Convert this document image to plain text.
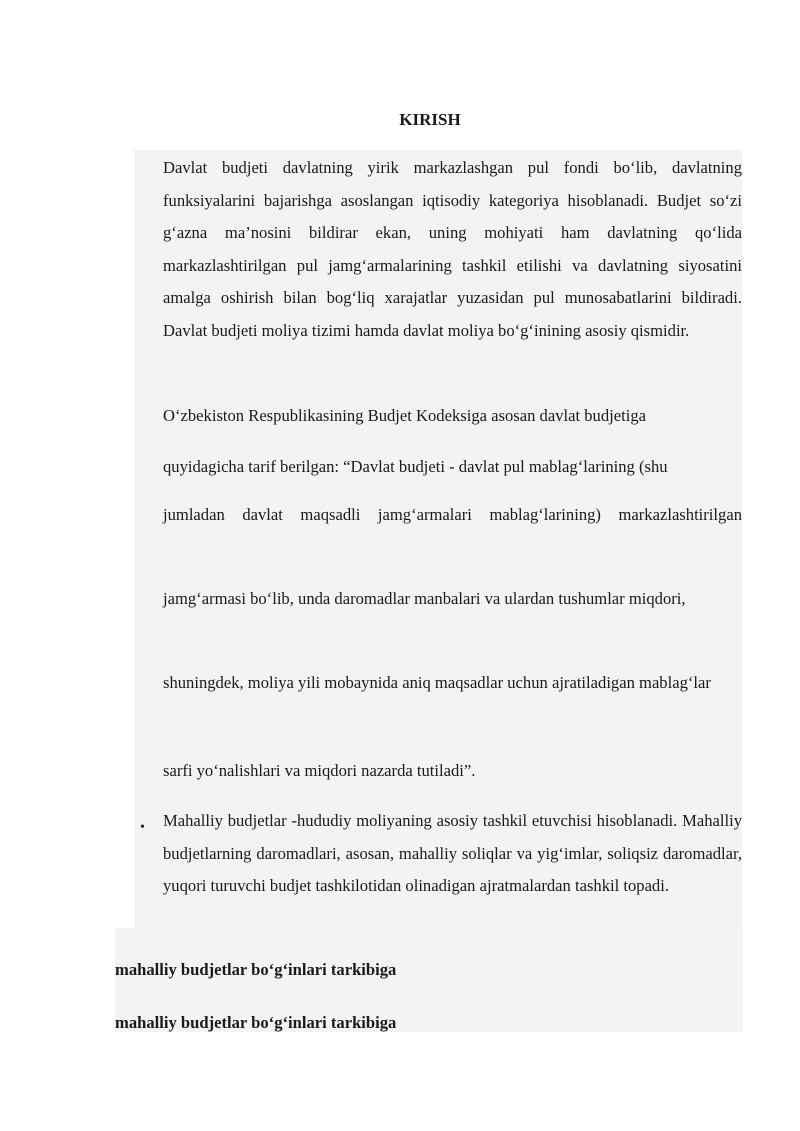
KIRISH
Davlat budjeti davlatning yirik markazlashgan pul fondi bo‘lib, davlatning funksiyalarini bajarishga asoslangan iqtisodiy kategoriya hisoblanadi. Budjet so‘zi g‘azna ma’nosini bildirar ekan, uning mohiyati ham davlatning qo‘lida markazlashtirilgan pul jamg‘armalarining tashkil etilishi va davlatning siyosatini amalga oshirish bilan bog‘liq xarajatlar yuzasidan pul munosabatlarini bildiradi. Davlat budjeti moliya tizimi hamda davlat moliya bo‘g‘inining asosiy qismidir.
O‘zbekiston Respublikasining Budjet Kodeksiga asosan davlat budjetiga
quyidagicha tarif berilgan: “Davlat budjeti - davlat pul mablag‘larining (shu
jumladan davlat maqsadli jamg‘armalari mablag‘larining) markazlashtirilgan
jamg‘armasi bo‘lib, unda daromadlar manbalari va ulardan tushumlar miqdori,
shuningdek, moliya yili mobaynida aniq maqsadlar uchun ajratiladigan mablag‘lar
sarfi yo‘nalishlari va miqdori nazarda tutiladi”.
• Mahalliy budjetlar -hududiy moliyaning asosiy tashkil etuvchisi hisoblanadi. Mahalliy budjetlarning daromadlari, asosan, mahalliy soliqlar va yig‘imlar, soliqsiz daromadlar, yuqori turuvchi budjet tashkilotidan olinadigan ajratmalardan tashkil topadi.
mahalliy budjetlar bo‘g‘inlari tarkibiga
mahalliy budjetlar bo‘g‘inlari tarkibiga
